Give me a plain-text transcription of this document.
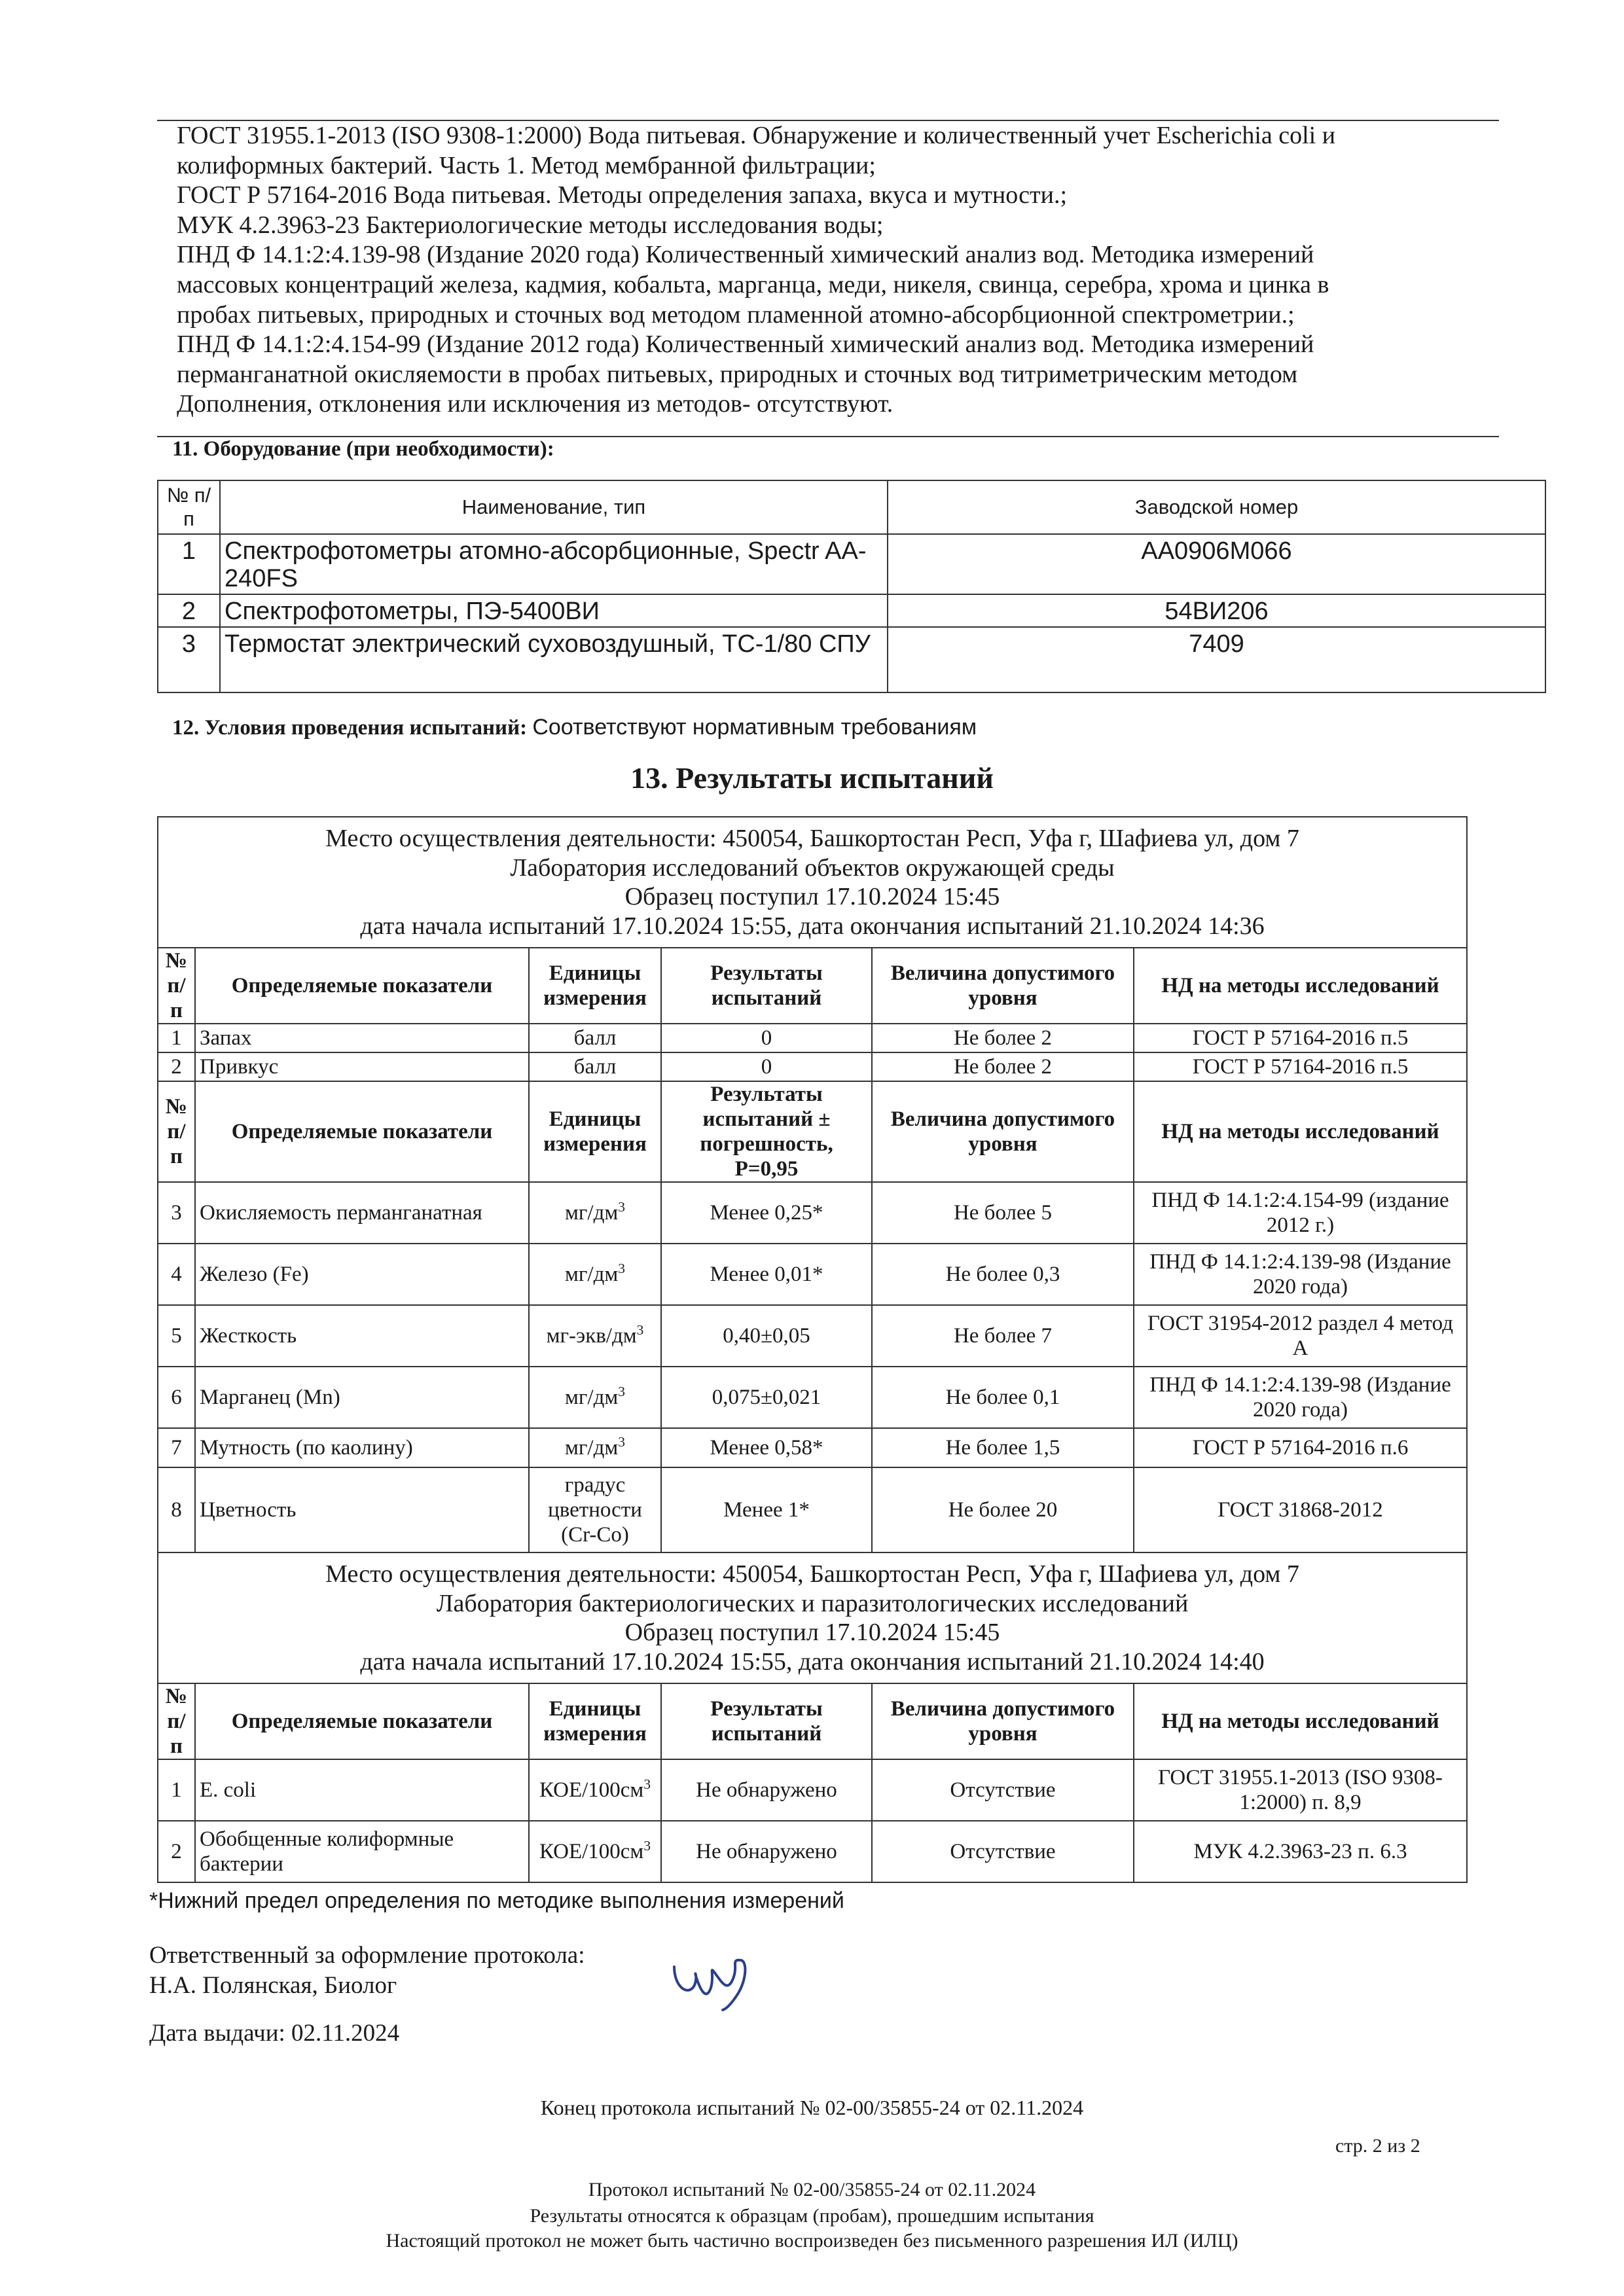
ГОСТ 31955.1-2013 (ISO 9308-1:2000) Вода питьевая. Обнаружение и количественный учет Escherichia coli и
колиформных бактерий. Часть 1. Метод мембранной фильтрации;
ГОСТ Р 57164-2016 Вода питьевая. Методы определения запаха, вкуса и мутности.;
МУК 4.2.3963-23 Бактериологические методы исследования воды;
ПНД Ф 14.1:2:4.139-98 (Издание 2020 года) Количественный химический анализ вод. Методика измерений
массовых концентраций железа, кадмия, кобальта, марганца, меди, никеля, свинца, серебра, хрома и цинка в
пробах питьевых, природных и сточных вод методом пламенной атомно-абсорбционной спектрометрии.;
ПНД Ф 14.1:2:4.154-99 (Издание 2012 года) Количественный химический анализ вод. Методика измерений
перманганатной окисляемости в пробах питьевых, природных и сточных вод титриметрическим методом
Дополнения, отклонения или исключения из методов- отсутствуют.
11. Оборудование (при необходимости):
№ п/п	Наименование, тип	Заводской номер
1	Спектрофотометры атомно-абсорбционные, Spectr AA-240FS	AA0906M066
2	Спектрофотометры, ПЭ-5400ВИ	54ВИ206
3	Термостат электрический суховоздушный, ТС-1/80 СПУ	7409
12. Условия проведения испытаний: Соответствуют нормативным требованиям
13. Результаты испытаний
Место осуществления деятельности: 450054, Башкортостан Респ, Уфа г, Шафиева ул, дом 7
Лаборатория исследований объектов окружающей среды
Образец поступил 17.10.2024 15:45
дата начала испытаний 17.10.2024 15:55, дата окончания испытаний 21.10.2024 14:36					

№ п/п	Определяемые показатели	Единицы измерения	Результаты испытаний	Величина допустимого уровня	НД на методы исследований
1	Запах	балл	0	Не более 2	ГОСТ Р 57164-2016 п.5
2	Привкус	балл	0	Не более 2	ГОСТ Р 57164-2016 п.5
№ п/п	Определяемые показатели	Единицы измерения	Результаты испытаний ± погрешность, Р=0,95	Величина допустимого уровня	НД на методы исследований
3	Окисляемость перманганатная	$мг/дм^3$	Менее 0,25*	Не более 5	ПНД Ф 14.1:2:4.154-99 (издание 2012 г.)
4	Железо (Fe)	$мг/дм^3$	Менее 0,01*	Не более 0,3	ПНД Ф 14.1:2:4.139-98 (Издание 2020 года)
5	Жесткость	$мг-экв/дм^3$	0,40±0,05	Не более 7	ГОСТ 31954-2012 раздел 4 метод А
6	Марганец (Mn)	$мг/дм^3$	0,075±0,021	Не более 0,1	ПНД Ф 14.1:2:4.139-98 (Издание 2020 года)
7	Мутность (по каолину)	$мг/дм^3$	Менее 0,58*	Не более 1,5	ГОСТ Р 57164-2016 п.6
8	Цветность	градус цветности (Cr-Co)	Менее 1*	Не более 20	ГОСТ 31868-2012

Место осуществления деятельности: 450054, Башкортостан Респ, Уфа г, Шафиева ул, дом 7
Лаборатория бактериологических и паразитологических исследований
Образец поступил 17.10.2024 15:45
дата начала испытаний 17.10.2024 15:55, дата окончания испытаний 21.10.2024 14:40					

№ п/п	Определяемые показатели	Единицы измерения	Результаты испытаний	Величина допустимого уровня	НД на методы исследований
1	E. coli	КОЕ/$100см^3$	Не обнаружено	Отсутствие	ГОСТ 31955.1-2013 (ISO 9308-1:2000) п. 8,9
2	Обобщенные колиформные бактерии	КОЕ/$100см^3$	Не обнаружено	Отсутствие	МУК 4.2.3963-23 п. 6.3
*Нижний предел определения по методике выполнения измерений
Ответственный за оформление протокола:
Н.А. Полянская, Биолог
Дата выдачи: 02.11.2024
Конец протокола испытаний № 02-00/35855-24 от 02.11.2024
стр. 2 из 2
Протокол испытаний № 02-00/35855-24 от 02.11.2024
Результаты относятся к образцам (пробам), прошедшим испытания
Настоящий протокол не может быть частично воспроизведен без письменного разрешения ИЛ (ИЛЦ)
